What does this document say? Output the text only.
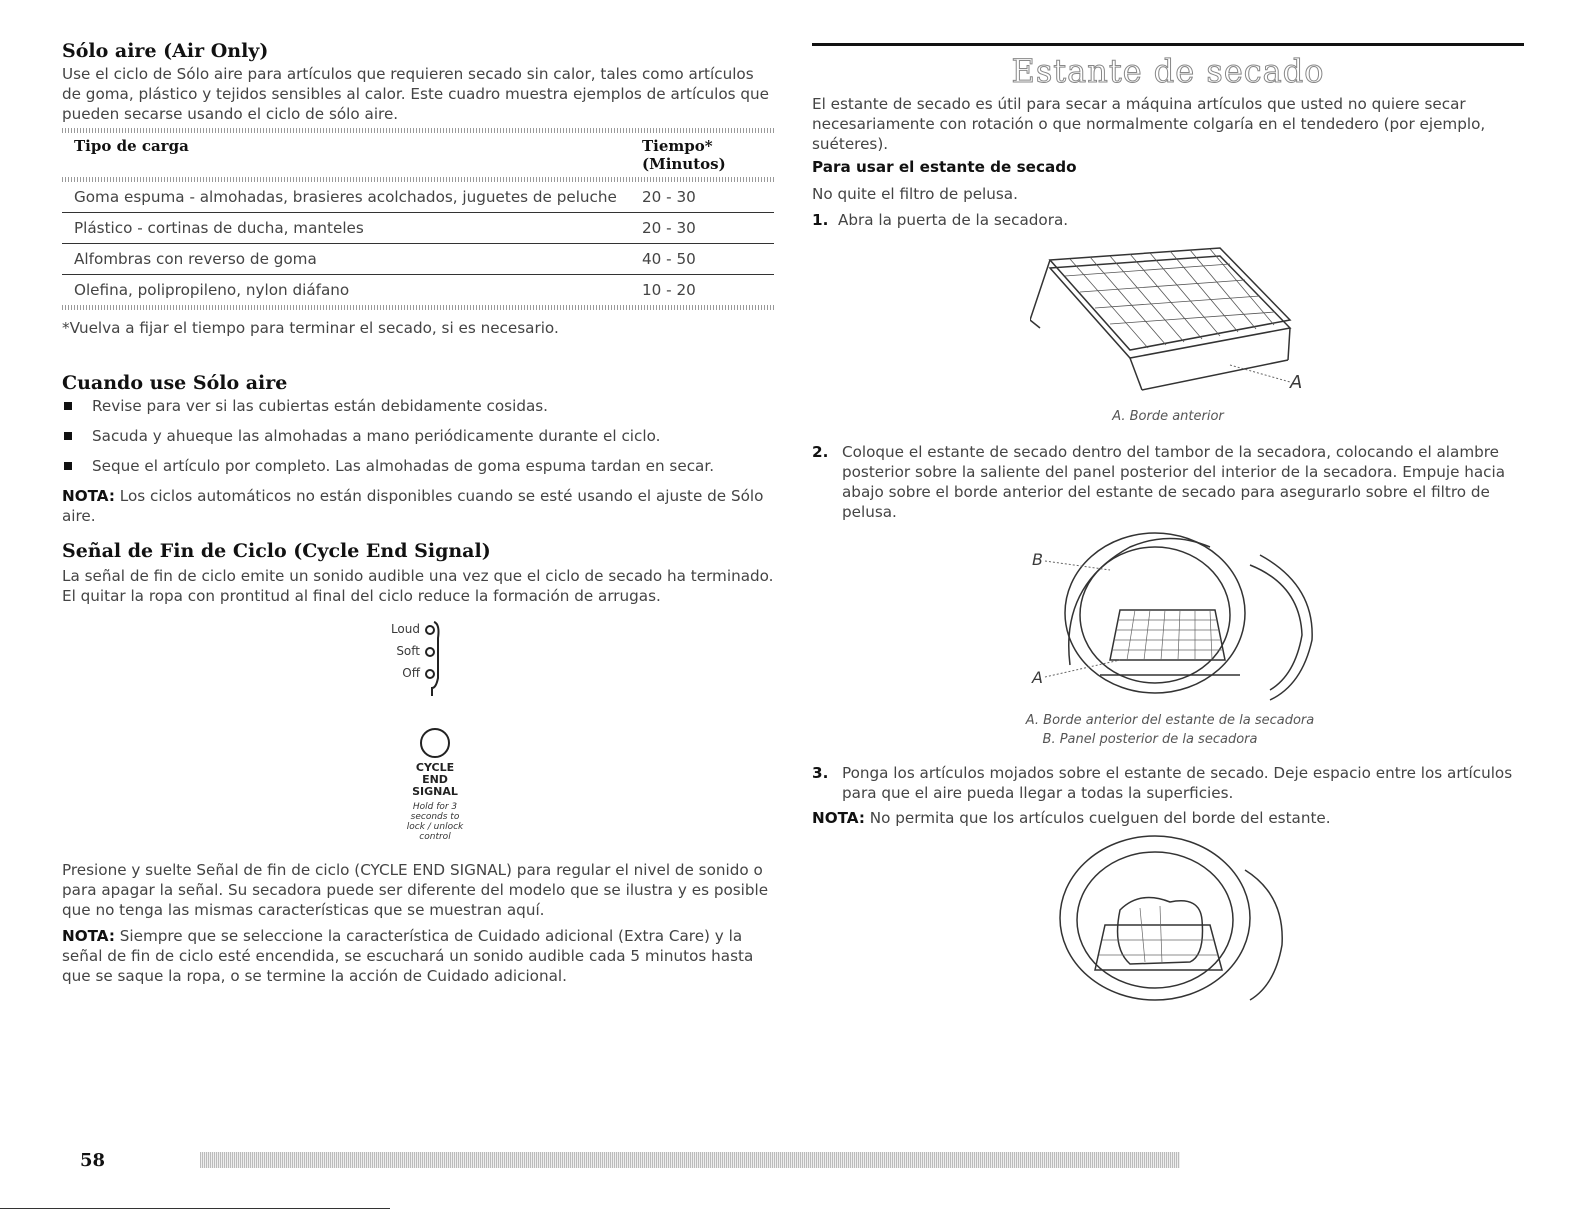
Sólo aire (Air Only)
Use el ciclo de Sólo aire para artículos que requieren secado sin calor, tales como artículos de goma, plástico y tejidos sensibles al calor. Este cuadro muestra ejemplos de artículos que pueden secarse usando el ciclo de sólo aire.
Tipo de carga	Tiempo*
(Minutos)
Goma espuma - almohadas, brasieres acolchados, juguetes de peluche	20 - 30
Plástico - cortinas de ducha, manteles	20 - 30
Alfombras con reverso de goma	40 - 50
Olefina, polipropileno, nylon diáfano	10 - 20
*Vuelva a fijar el tiempo para terminar el secado, si es necesario.
Cuando use Sólo aire
Revise para ver si las cubiertas están debidamente cosidas.
Sacuda y ahueque las almohadas a mano periódicamente durante el ciclo.
Seque el artículo por completo. Las almohadas de goma espuma tardan en secar.
NOTA: Los ciclos automáticos no están disponibles cuando se esté usando el ajuste de Sólo aire.
Señal de Fin de Ciclo (Cycle End Signal)
La señal de fin de ciclo emite un sonido audible una vez que el ciclo de secado ha terminado. El quitar la ropa con prontitud al final del ciclo reduce la formación de arrugas.
Loud
Soft
Off
CYCLE
END
SIGNAL
Hold for 3
seconds to
lock / unlock
control
Presione y suelte Señal de fin de ciclo (CYCLE END SIGNAL) para regular el nivel de sonido o para apagar la señal. Su secadora puede ser diferente del modelo que se ilustra y es posible que no tenga las mismas características que se muestran aquí.
NOTA: Siempre que se seleccione la característica de Cuidado adicional (Extra Care) y la señal de fin de ciclo esté encendida, se escuchará un sonido audible cada 5 minutos hasta que se saque la ropa, o se termine la acción de Cuidado adicional.
Estante de secado
El estante de secado es útil para secar a máquina artículos que usted no quiere secar necesariamente con rotación o que normalmente colgaría en el tendedero (por ejemplo, suéteres).
Para usar el estante de secado
No quite el filtro de pelusa.
1. Abra la puerta de la secadora.
A
A. Borde anterior
2. Coloque el estante de secado dentro del tambor de la secadora, colocando el alambre posterior sobre la saliente del panel posterior del interior de la secadora. Empuje hacia abajo sobre el borde anterior del estante de secado para asegurarlo sobre el filtro de pelusa.
B
A
A. Borde anterior del estante de la secadora
B. Panel posterior de la secadora
3. Ponga los artículos mojados sobre el estante de secado. Deje espacio entre los artículos para que el aire pueda llegar a todas la superficies.
NOTA: No permita que los artículos cuelguen del borde del estante.
58
